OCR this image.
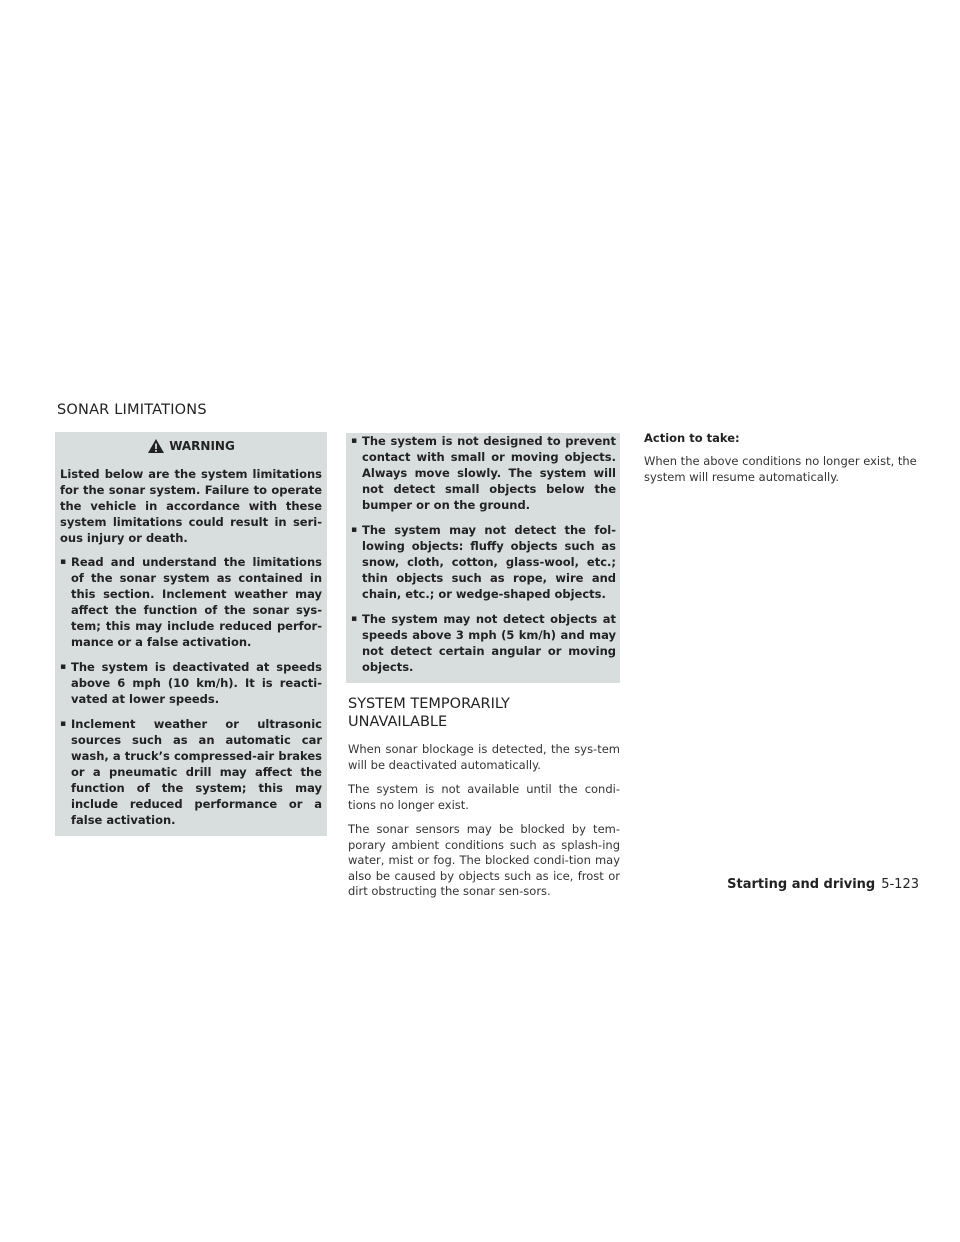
SONAR LIMITATIONS
WARNING

Listed below are the system limitations for the sonar system. Failure to operate the vehicle in accordance with these system limitations could result in seri-ous injury or death.

▪ Read and understand the limitations of the sonar system as contained in this section. Inclement weather may affect the function of the sonar sys-tem; this may include reduced perfor-mance or a false activation.
▪ The system is deactivated at speeds above 6 mph (10 km/h). It is reacti-vated at lower speeds.
▪ Inclement weather or ultrasonic sources such as an automatic car wash, a truck’s compressed-air brakes or a pneumatic drill may affect the function of the system; this may include reduced performance or a false activation.
▪ The system is not designed to prevent contact with small or moving objects. Always move slowly. The system will not detect small objects below the bumper or on the ground.
▪ The system may not detect the fol-lowing objects: fluffy objects such as snow, cloth, cotton, glass-wool, etc.; thin objects such as rope, wire and chain, etc.; or wedge-shaped objects.
▪ The system may not detect objects at speeds above 3 mph (5 km/h) and may not detect certain angular or moving objects.
SYSTEM TEMPORARILY
UNAVAILABLE

When sonar blockage is detected, the sys-tem will be deactivated automatically.

The system is not available until the condi-tions no longer exist.

The sonar sensors may be blocked by tem-porary ambient conditions such as splash-ing water, mist or fog. The blocked condi-tion may also be caused by objects such as ice, frost or dirt obstructing the sonar sen-sors.

Action to take:

When the above conditions no longer exist, the system will resume automatically.

Starting and driving 5-123
